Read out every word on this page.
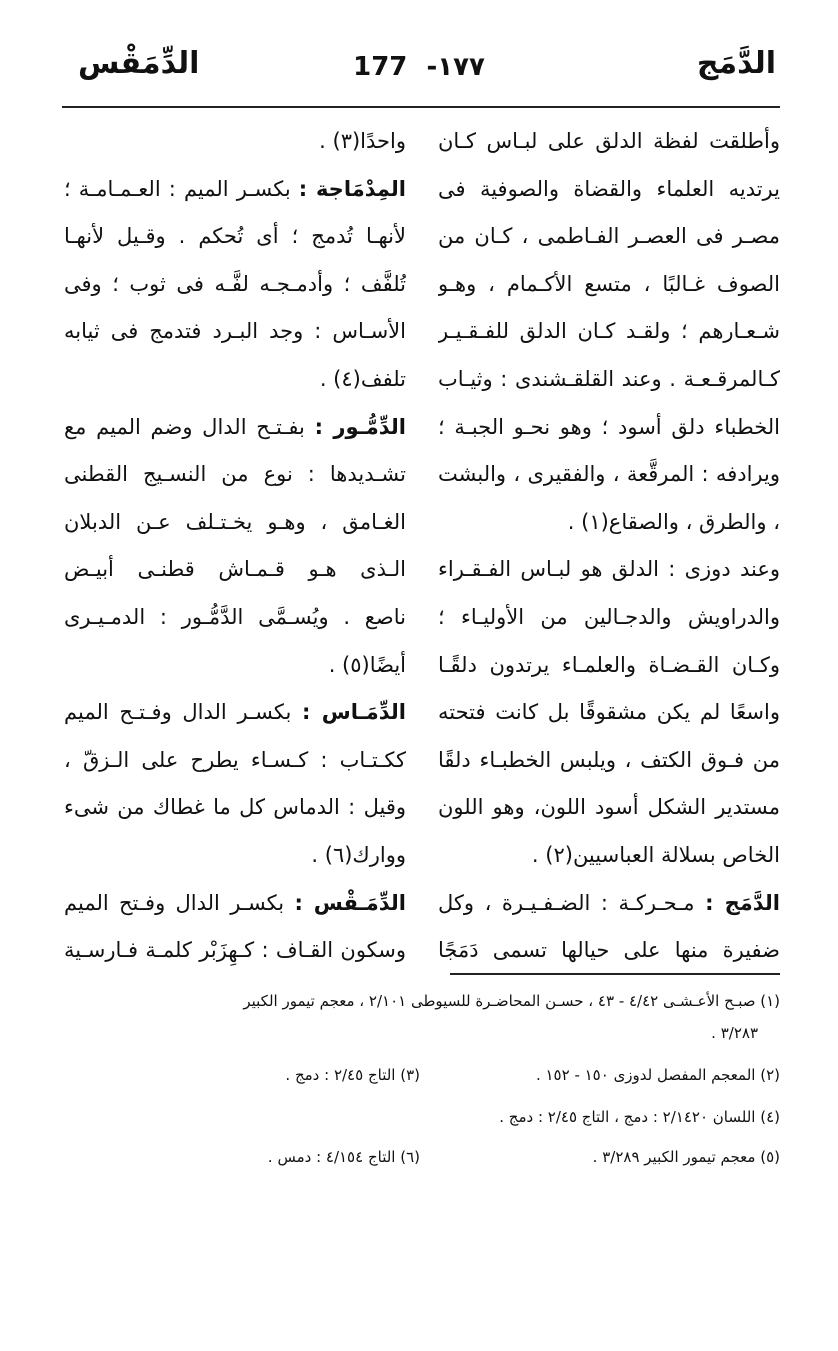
الدَّمَج
177 -١٧٧
الدِّمَقْس
وأطلقت لفظة الدلق على لبـاس كـان
يرتديه العلماء والقضاة والصوفية فى
مصـر فى العصـر الفـاطمى ، كـان من
الصوف غـالبًا ، متسع الأكـمام ، وهـو
شـعـارهم ؛ ولقـد كـان الدلق للفـقـيـر
كـالمرقـعـة . وعند القلقـشندى : وثيـاب
الخطباء دلق أسود ؛ وهو نحـو الجبـة ؛
ويرادفه : المرقَّعة ، والفقيرى ، والبشت
، والطرق ، والصقاع(١) .
وعند دوزى : الدلق هو لبـاس الفـقـراء
والدراويش والدجـالين من الأوليـاء ؛
وكـان القـضـاة والعلمـاء يرتدون دلقًـا
واسعًا لم يكن مشقوقًا بل كانت فتحته
من فـوق الكتف ، ويلبس الخطبـاء دلقًا
مستدير الشكل أسود اللون، وهو اللون
الخاص بسلالة العباسيين(٢) .
الدَّمَج : مـحـركـة : الضـفـيـرة ، وكل
ضفيرة منها على حيالها تسمى دَمَجًا
واحدًا(٣) .
المِدْمَاجة : بكسـر الميم : العـمـامـة ؛
لأنهـا تُدمج ؛ أى تُحكم . وقـيل لأنهـا
تُلفَّف ؛ وأدمـجـه لفَّـه فى ثوب ؛ وفى
الأسـاس : وجد البـرد فتدمج فى ثيابه
تلفف(٤) .
الدِّمُّـور : بفـتـح الدال وضم الميم مع
تشـديدها : نوع من النسـيج القطنى
الغـامق ، وهـو يخـتـلف عـن الدبلان
الـذى هـو قـمـاش قطنـى أبيـض
ناصع . ويُسـمَّى الدَّمُّـور : الدمـيـرى
أيضًا(٥) .
الدِّمَـاس : بكسـر الدال وفـتـح الميم
ككـتـاب : كـسـاء يطرح على الـزقّ ،
وقيل : الدماس كل ما غطاك من شىء
ووارك(٦) .
الدِّمَـقْس : بكسـر الدال وفـتح الميم
وسكون القـاف : كـهِزَبْر كلمـة فـارسـية
(١) صبـح الأعـشـى ٤/٤٢ - ٤٣ ، حسـن المحاضـرة للسيوطى ٢/١٠١ ، معجم تيمور الكبير
٣/٢٨٣ .
(٢) المعجم المفصل لدوزى ١٥٠ - ١٥٢ .
(٣) التاج ٢/٤٥ : دمج .
(٤) اللسان ٢/١٤٢٠ : دمج ، التاج ٢/٤٥ : دمج .
(٥) معجم تيمور الكبير ٣/٢٨٩ .
(٦) التاج ٤/١٥٤ : دمس .
